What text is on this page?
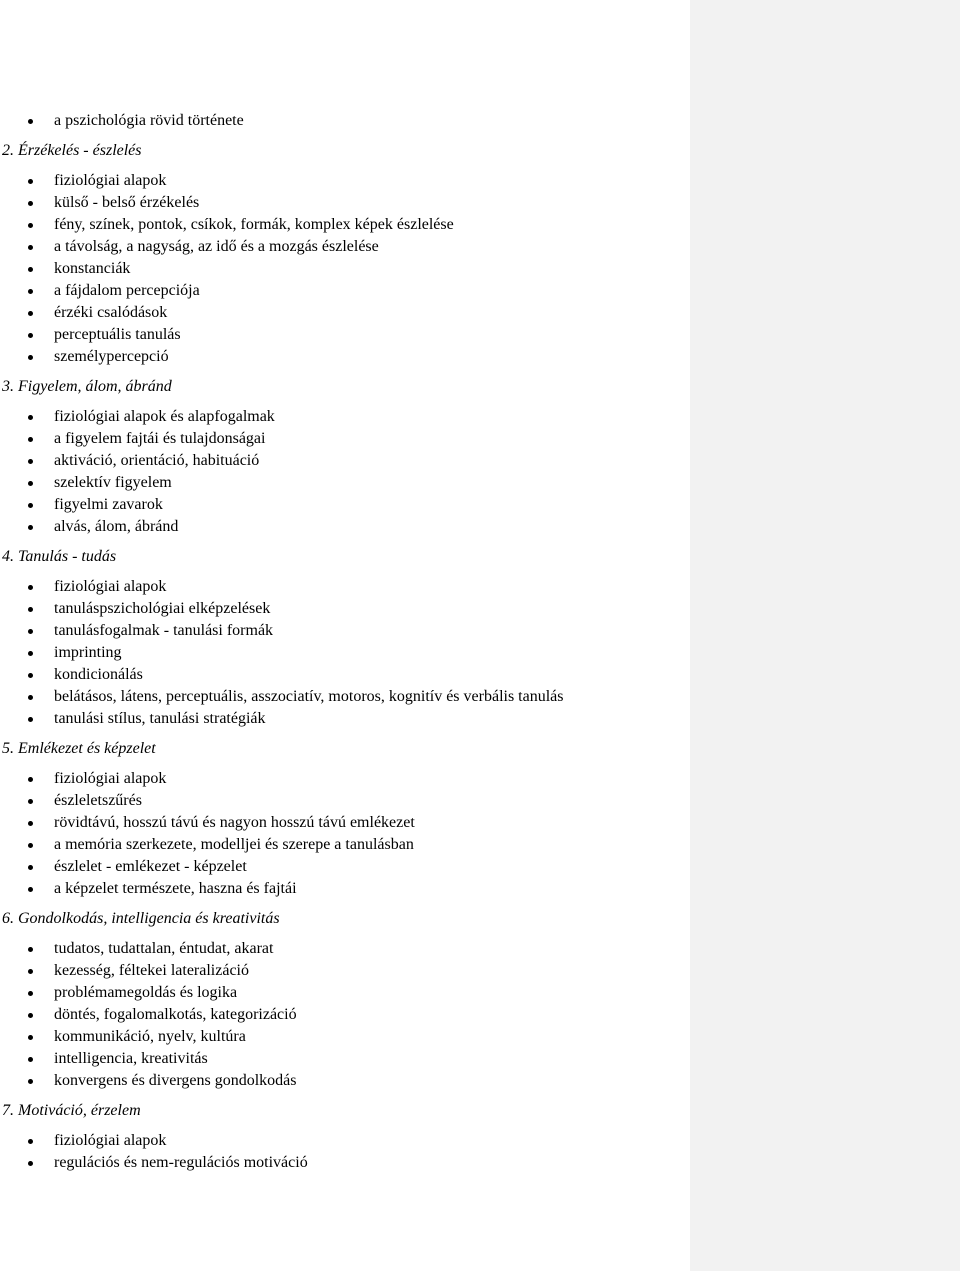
a pszichológia rövid története
2. Érzékelés - észlelés
fiziológiai alapok
külső - belső érzékelés
fény, színek, pontok, csíkok, formák, komplex képek észlelése
a távolság, a nagyság, az idő és a mozgás észlelése
konstanciák
a fájdalom percepciója
érzéki csalódások
perceptuális tanulás
személypercepció
3. Figyelem, álom, ábránd
fiziológiai alapok és alapfogalmak
a figyelem fajtái és tulajdonságai
aktiváció, orientáció, habituáció
szelektív figyelem
figyelmi zavarok
alvás, álom, ábránd
4. Tanulás - tudás
fiziológiai alapok
tanuláspszichológiai elképzelések
tanulásfogalmak - tanulási formák
imprinting
kondicionálás
belátásos, látens, perceptuális, asszociatív, motoros, kognitív és verbális tanulás
tanulási stílus, tanulási stratégiák
5. Emlékezet és képzelet
fiziológiai alapok
észleletszűrés
rövidtávú, hosszú távú és nagyon hosszú távú emlékezet
a memória szerkezete, modelljei és szerepe a tanulásban
észlelet - emlékezet - képzelet
a képzelet természete, haszna és fajtái
6. Gondolkodás, intelligencia és kreativitás
tudatos, tudattalan, éntudat, akarat
kezesség, féltekei lateralizáció
problémamegoldás és logika
döntés, fogalomalkotás, kategorizáció
kommunikáció, nyelv, kultúra
intelligencia, kreativitás
konvergens és divergens gondolkodás
7. Motiváció, érzelem
fiziológiai alapok
regulációs és nem-regulációs motiváció
